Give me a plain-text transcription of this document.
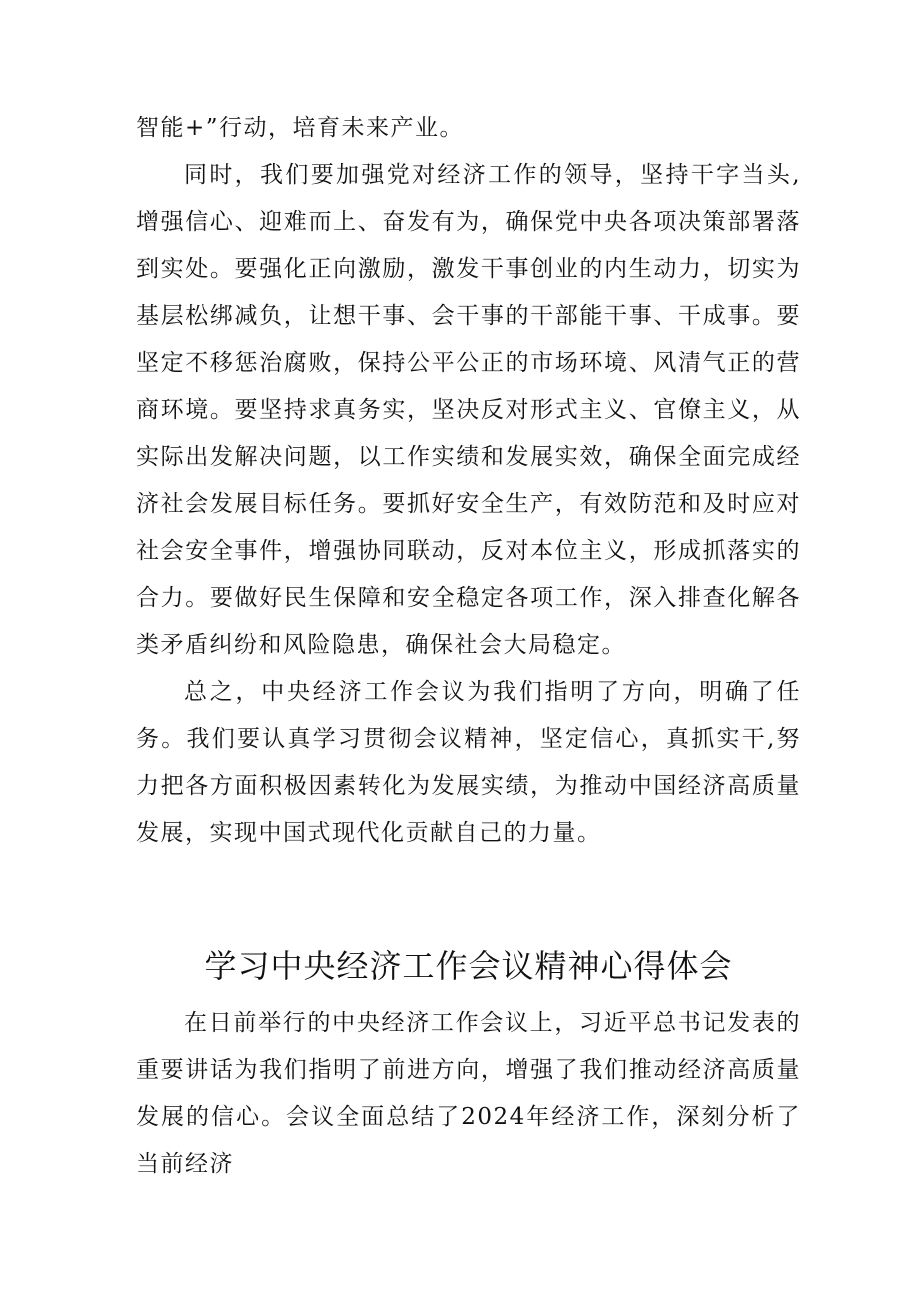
智能+”行动，培育未来产业。

同时，我们要加强党对经济工作的领导，坚持干字当头,增强信心、迎难而上、奋发有为，确保党中央各项决策部署落到实处。要强化正向激励，激发干事创业的内生动力，切实为基层松绑减负，让想干事、会干事的干部能干事、干成事。要坚定不移惩治腐败，保持公平公正的市场环境、风清气正的营商环境。要坚持求真务实，坚决反对形式主义、官僚主义，从实际出发解决问题，以工作实绩和发展实效，确保全面完成经济社会发展目标任务。要抓好安全生产，有效防范和及时应对社会安全事件，增强协同联动，反对本位主义，形成抓落实的合力。要做好民生保障和安全稳定各项工作，深入排查化解各类矛盾纠纷和风险隐患，确保社会大局稳定。

总之，中央经济工作会议为我们指明了方向，明确了任务。我们要认真学习贯彻会议精神，坚定信心，真抓实干,努力把各方面积极因素转化为发展实绩，为推动中国经济高质量发展，实现中国式现代化贡献自己的力量。

学习中央经济工作会议精神心得体会

在日前举行的中央经济工作会议上，习近平总书记发表的重要讲话为我们指明了前进方向，增强了我们推动经济高质量发展的信心。会议全面总结了2024年经济工作，深刻分析了当前经济
